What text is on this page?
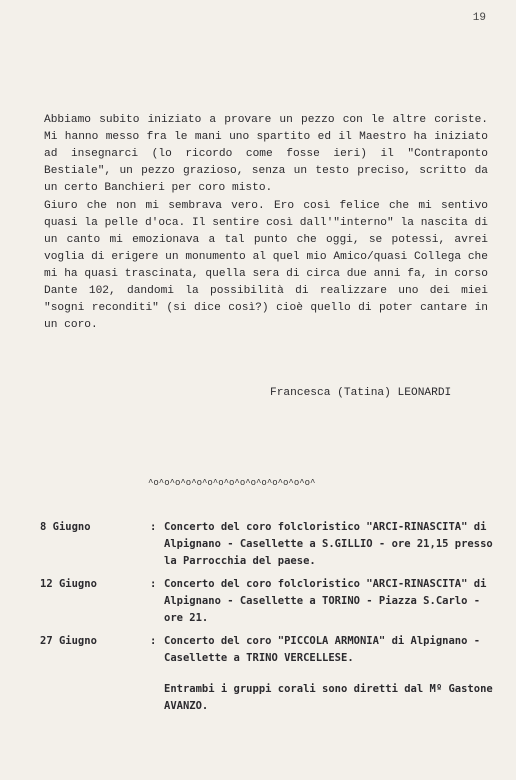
19

Abbiamo subito iniziato a provare un pezzo con le altre coriste. Mi hanno messo fra le mani uno spartito ed il Maestro ha iniziato ad insegnarci (lo ricordo come fosse ieri) il "Contraponto Bestiale", un pezzo grazioso, senza un testo preciso, scritto da un certo Banchieri per coro misto.

Giuro che non mi sembrava vero. Ero così felice che mi sentivo quasi la pelle d'oca. Il sentire così dall'"interno" la nascita di un canto mi emozionava a tal punto che oggi, se potessi, avrei voglia di erigere un monumento al quel mio Amico/quasi Collega che mi ha quasi trascinata, quella sera di circa due anni fa, in corso Dante 102, dandomi la possibilità di realizzare uno dei miei "sogni reconditi" (si dice così?) cioè quello di poter cantare in un coro.

Francesca (Tatina) LEONARDI
^o^o^o^o^o^o^o^o^o^o^o^o^o^o^o^
8 Giugno	: Concerto del coro folcloristico "ARCI-RINASCITA" di Alpignano - Casellette a S.GILLIO - ore 21,15 presso la Parrocchia del paese.
12 Giugno	: Concerto del coro folcloristico "ARCI-RINASCITA" di Alpignano - Casellette a TORINO - Piazza S.Carlo - ore 21.
27 Giugno	: Concerto del coro "PICCOLA ARMONIA" di Alpignano - Casellette a TRINO VERCELLESE.
Entrambi i gruppi corali sono diretti dal Mº Gastone AVANZO.
